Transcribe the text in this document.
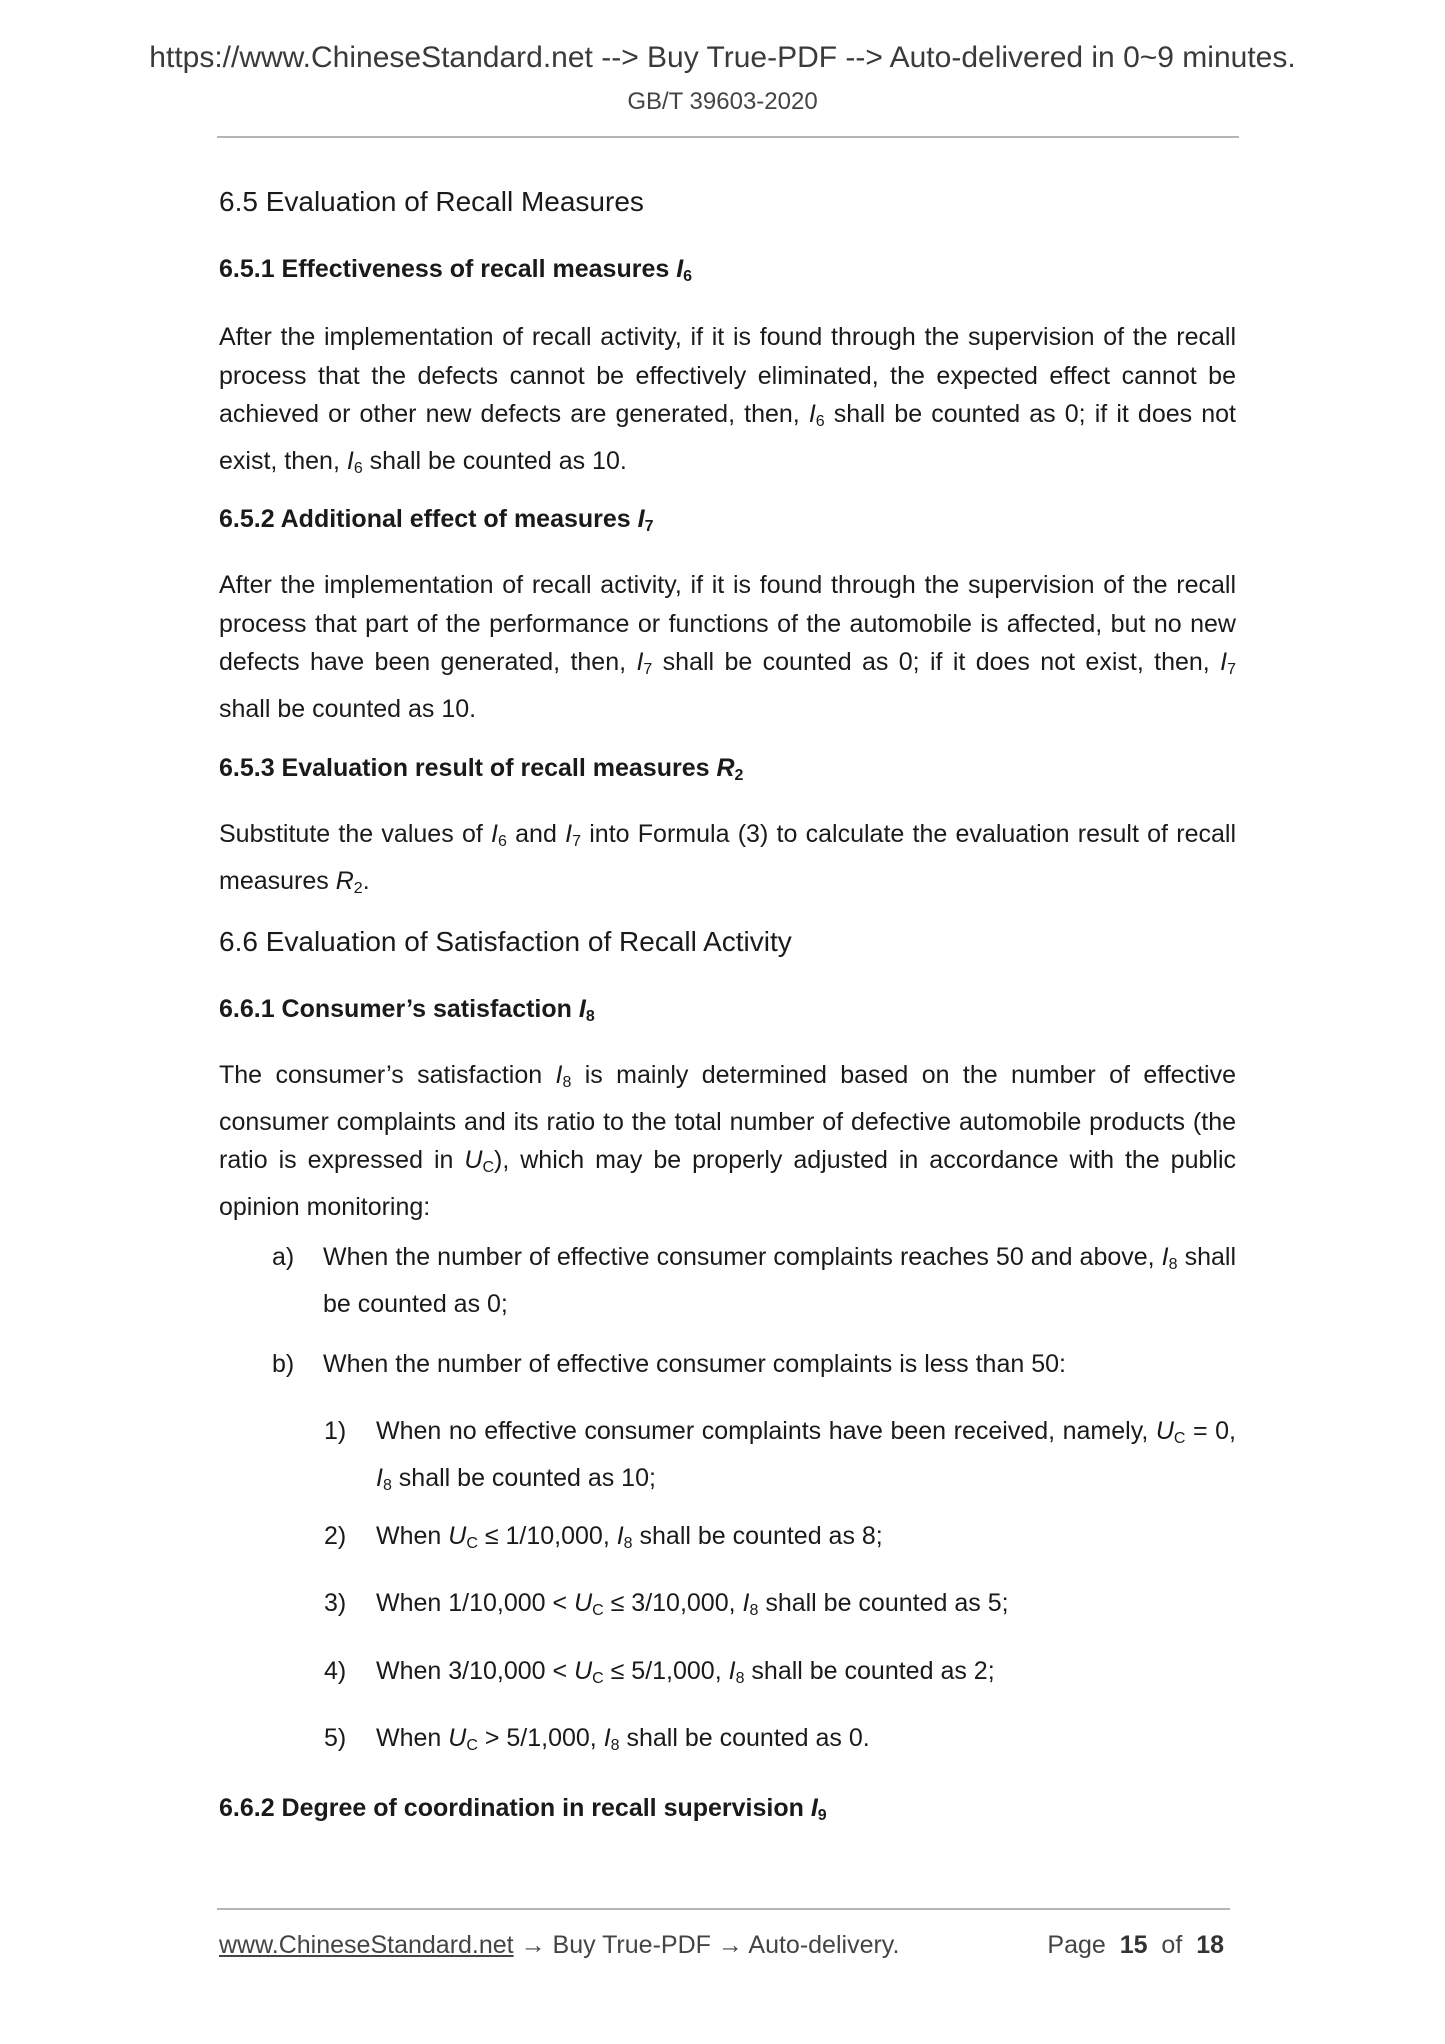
https://www.ChineseStandard.net --> Buy True-PDF --> Auto-delivered in 0~9 minutes.
GB/T 39603-2020
6.5 Evaluation of Recall Measures
6.5.1 Effectiveness of recall measures $I_6$
After the implementation of recall activity, if it is found through the supervision of the recall process that the defects cannot be effectively eliminated, the expected effect cannot be achieved or other new defects are generated, then, $I_6$ shall be counted as 0; if it does not exist, then, $I_6$ shall be counted as 10.
6.5.2 Additional effect of measures $I_7$
After the implementation of recall activity, if it is found through the supervision of the recall process that part of the performance or functions of the automobile is affected, but no new defects have been generated, then, $I_7$ shall be counted as 0; if it does not exist, then, $I_7$ shall be counted as 10.
6.5.3 Evaluation result of recall measures $R_2$
Substitute the values of $I_6$ and $I_7$ into Formula (3) to calculate the evaluation result of recall measures $R_2$.
6.6 Evaluation of Satisfaction of Recall Activity
6.6.1 Consumer’s satisfaction $I_8$
The consumer’s satisfaction $I_8$ is mainly determined based on the number of effective consumer complaints and its ratio to the total number of defective automobile products (the ratio is expressed in $U_C$), which may be properly adjusted in accordance with the public opinion monitoring:
a) When the number of effective consumer complaints reaches 50 and above, $I_8$ shall be counted as 0;
b) When the number of effective consumer complaints is less than 50:
1) When no effective consumer complaints have been received, namely, $U_C = 0$, $I_8$ shall be counted as 10;
2) When $U_C \le 1/10,000$, $I_8$ shall be counted as 8;
3) When $1/10,000 < U_C \le 3/10,000$, $I_8$ shall be counted as 5;
4) When $3/10,000 < U_C \le 5/1,000$, $I_8$ shall be counted as 2;
5) When $U_C > 5/1,000$, $I_8$ shall be counted as 0.
6.6.2 Degree of coordination in recall supervision $I_9$
www.ChineseStandard.net → Buy True-PDF → Auto-delivery.	Page 15 of 18
